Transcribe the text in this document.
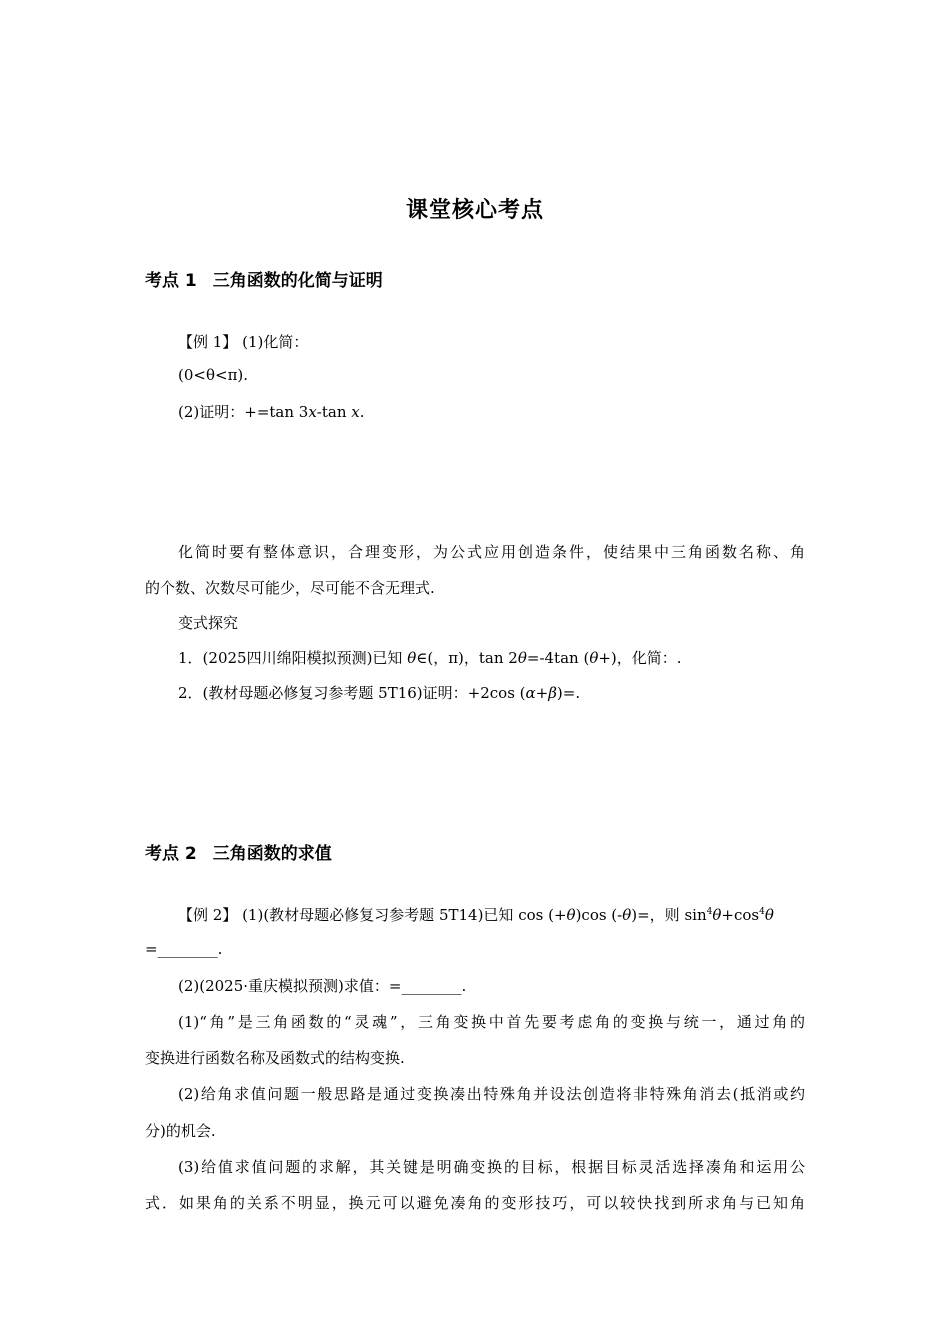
课堂核心考点
考点 1 三角函数的化简与证明
【例 1】 (1)化简：
(0<θ<π).
(2)证明：+=tan 3x-tan x.
化简时要有整体意识，合理变形，为公式应用创造条件，使结果中三角函数名称、角
的个数、次数尽可能少，尽可能不含无理式.
变式探究
1．(2025四川绵阳模拟预测)已知 θ∈(，π)，tan 2θ=-4tan (θ+)，化简：.
2．(教材母题必修复习参考题 5T16)证明：+2cos (α+β)=.
考点 2 三角函数的求值
【例 2】 (1)(教材母题必修复习参考题 5T14)已知 cos (+θ)cos (-θ)=，则 $\sin^4\theta+\cos^4\theta$
=________.
(2)(2025·重庆模拟预测)求值：=________.
(1)“角”是三角函数的“灵魂”，三角变换中首先要考虑角的变换与统一，通过角的
变换进行函数名称及函数式的结构变换.
(2)给角求值问题一般思路是通过变换凑出特殊角并设法创造将非特殊角消去(抵消或约
分)的机会.
(3)给值求值问题的求解，其关键是明确变换的目标，根据目标灵活选择凑角和运用公
式．如果角的关系不明显，换元可以避免凑角的变形技巧，可以较快找到所求角与已知角
